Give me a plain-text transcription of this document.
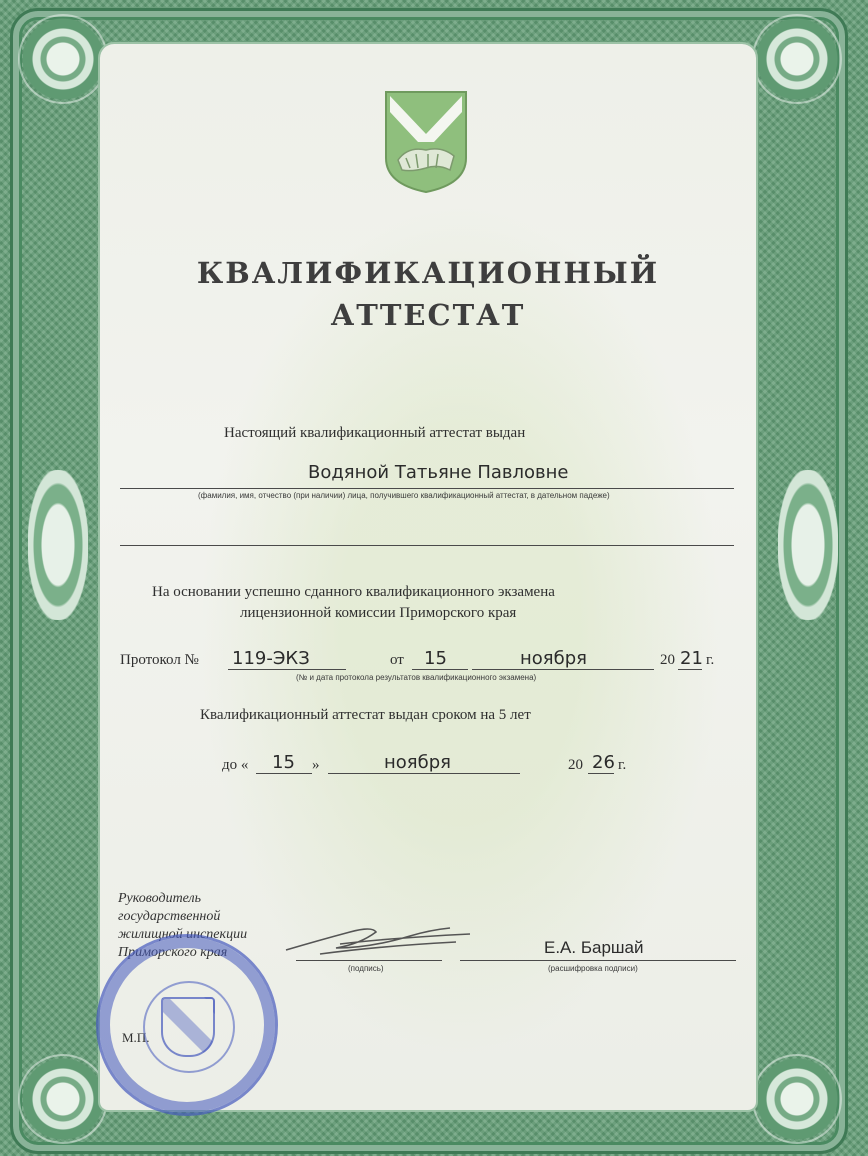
КВАЛИФИКАЦИОННЫЙ
АТТЕСТАТ
Настоящий квалификационный аттестат выдан
Водяной Татьяне Павловне
(фамилия, имя, отчество (при наличии) лица, получившего квалификационный аттестат, в дательном падеже)
На основании успешно сданного квалификационного экзамена
лицензионной комиссии Приморского края
Протокол № 119-ЭКЗ	от 15	ноября	20 21 г.
(№ и дата протокола результатов квалификационного экзамена)
Квалификационный аттестат выдан сроком на 5 лет
до « 15 »	ноября	20 26 г.
Руководитель
государственной
жилищной инспекции
Приморского края
(подпись)
Е.А. Баршай
(расшифровка подписи)
М.П.
